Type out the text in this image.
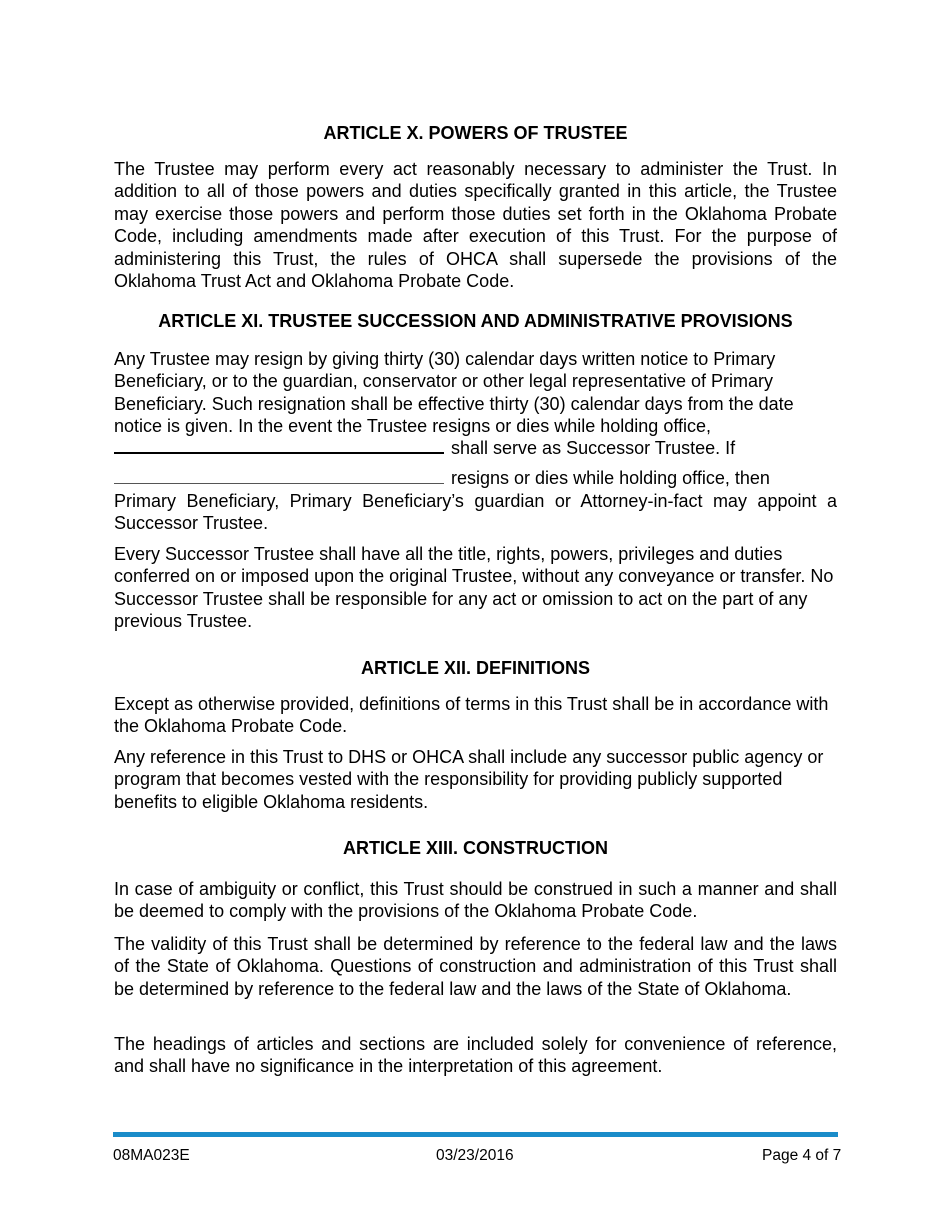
ARTICLE X. POWERS OF TRUSTEE

The Trustee may perform every act reasonably necessary to administer the Trust. In addition to all of those powers and duties specifically granted in this article, the Trustee may exercise those powers and perform those duties set forth in the Oklahoma Probate Code, including amendments made after execution of this Trust. For the purpose of administering this Trust, the rules of OHCA shall supersede the provisions of the Oklahoma Trust Act and Oklahoma Probate Code.

ARTICLE XI. TRUSTEE SUCCESSION AND ADMINISTRATIVE PROVISIONS

Any Trustee may resign by giving thirty (30) calendar days written notice to Primary
Beneficiary, or to the guardian, conservator or other legal representative of Primary
Beneficiary. Such resignation shall be effective thirty (30) calendar days from the date
notice is given. In the event the Trustee resigns or dies while holding office,

shall serve as Successor Trustee. If

resigns or dies while holding office, then

Primary Beneficiary, Primary Beneficiary’s guardian or Attorney-in-fact may appoint a Successor Trustee.

Every Successor Trustee shall have all the title, rights, powers, privileges and duties conferred on or imposed upon the original Trustee, without any conveyance or transfer. No Successor Trustee shall be responsible for any act or omission to act on the part of any previous Trustee.

ARTICLE XII. DEFINITIONS

Except as otherwise provided, definitions of terms in this Trust shall be in accordance with the Oklahoma Probate Code.

Any reference in this Trust to DHS or OHCA shall include any successor public agency or program that becomes vested with the responsibility for providing publicly supported benefits to eligible Oklahoma residents.

ARTICLE XIII. CONSTRUCTION

In case of ambiguity or conflict, this Trust should be construed in such a manner and shall be deemed to comply with the provisions of the Oklahoma Probate Code.

The validity of this Trust shall be determined by reference to the federal law and the laws of the State of Oklahoma. Questions of construction and administration of this Trust shall be determined by reference to the federal law and the laws of the State of Oklahoma.

The headings of articles and sections are included solely for convenience of reference, and shall have no significance in the interpretation of this agreement.

08MA023E	03/23/2016	Page 4 of 7
